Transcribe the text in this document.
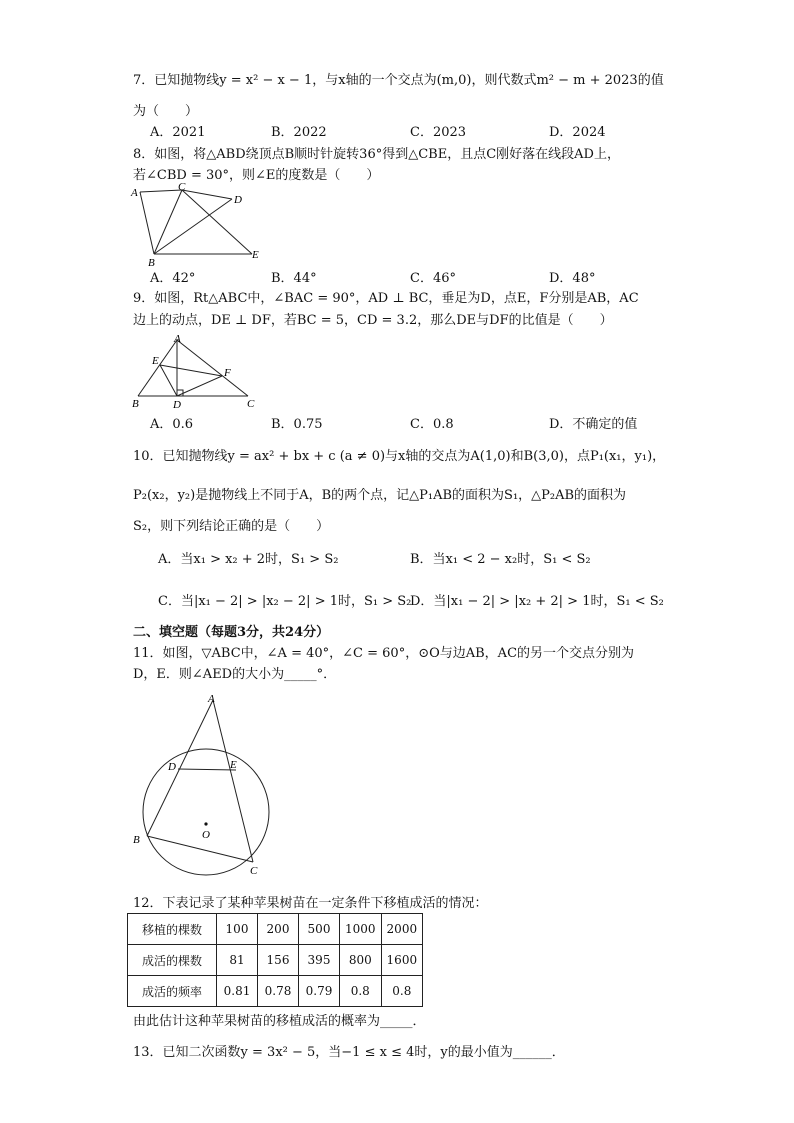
7．已知抛物线y = x² − x − 1，与x轴的一个交点为(m,0)，则代数式m² − m + 2023的值
为（　　）
A．2021	B．2022	C．2023	D．2024
8．如图，将△ABD绕顶点B顺时针旋转36°得到△CBE，且点C刚好落在线段AD上，
若∠CBD = 30°，则∠E的度数是（　　）
A	C
D
B
E
A．42°	B．44°	C．46°	D．48°
9．如图，Rt△ABC中，∠BAC = 90°，AD ⊥ BC，垂足为D，点E，F分别是AB，AC
边上的动点，DE ⊥ DF，若BC = 5，CD = 3.2，那么DE与DF的比值是（　　）
A
E
F
B	D	C
A．0.6	B．0.75	C．0.8	D．不确定的值
10．已知抛物线y = ax² + bx + c (a ≠ 0)与x轴的交点为A(1,0)和B(3,0)，点P₁(x₁，y₁)，
P₂(x₂，y₂)是抛物线上不同于A，B的两个点，记△P₁AB的面积为S₁，△P₂AB的面积为
S₂，则下列结论正确的是（　　）
A．当x₁ > x₂ + 2时，S₁ > S₂	B．当x₁ < 2 − x₂时，S₁ < S₂
C．当|x₁ − 2| > |x₂ − 2| > 1时，S₁ > S₂
D．当|x₁ − 2| > |x₂ + 2| > 1时，S₁ < S₂
二、填空题（每题3分，共24分）
11．如图，▽ABC中，∠A = 40°，∠C = 60°，⊙O与边AB，AC的另一个交点分别为
D，E．则∠AED的大小为_____°．
A
D	E
O
B
C
12．下表记录了某种苹果树苗在一定条件下移植成活的情况：
移植的棵数	100	200	500	1000	2000
成活的棵数	81	156	395	800	1600
成活的频率	0.81	0.78	0.79	0.8	0.8
由此估计这种苹果树苗的移植成活的概率为_____．
13．已知二次函数y = 3x² − 5，当−1 ≤ x ≤ 4时，y的最小值为______．
